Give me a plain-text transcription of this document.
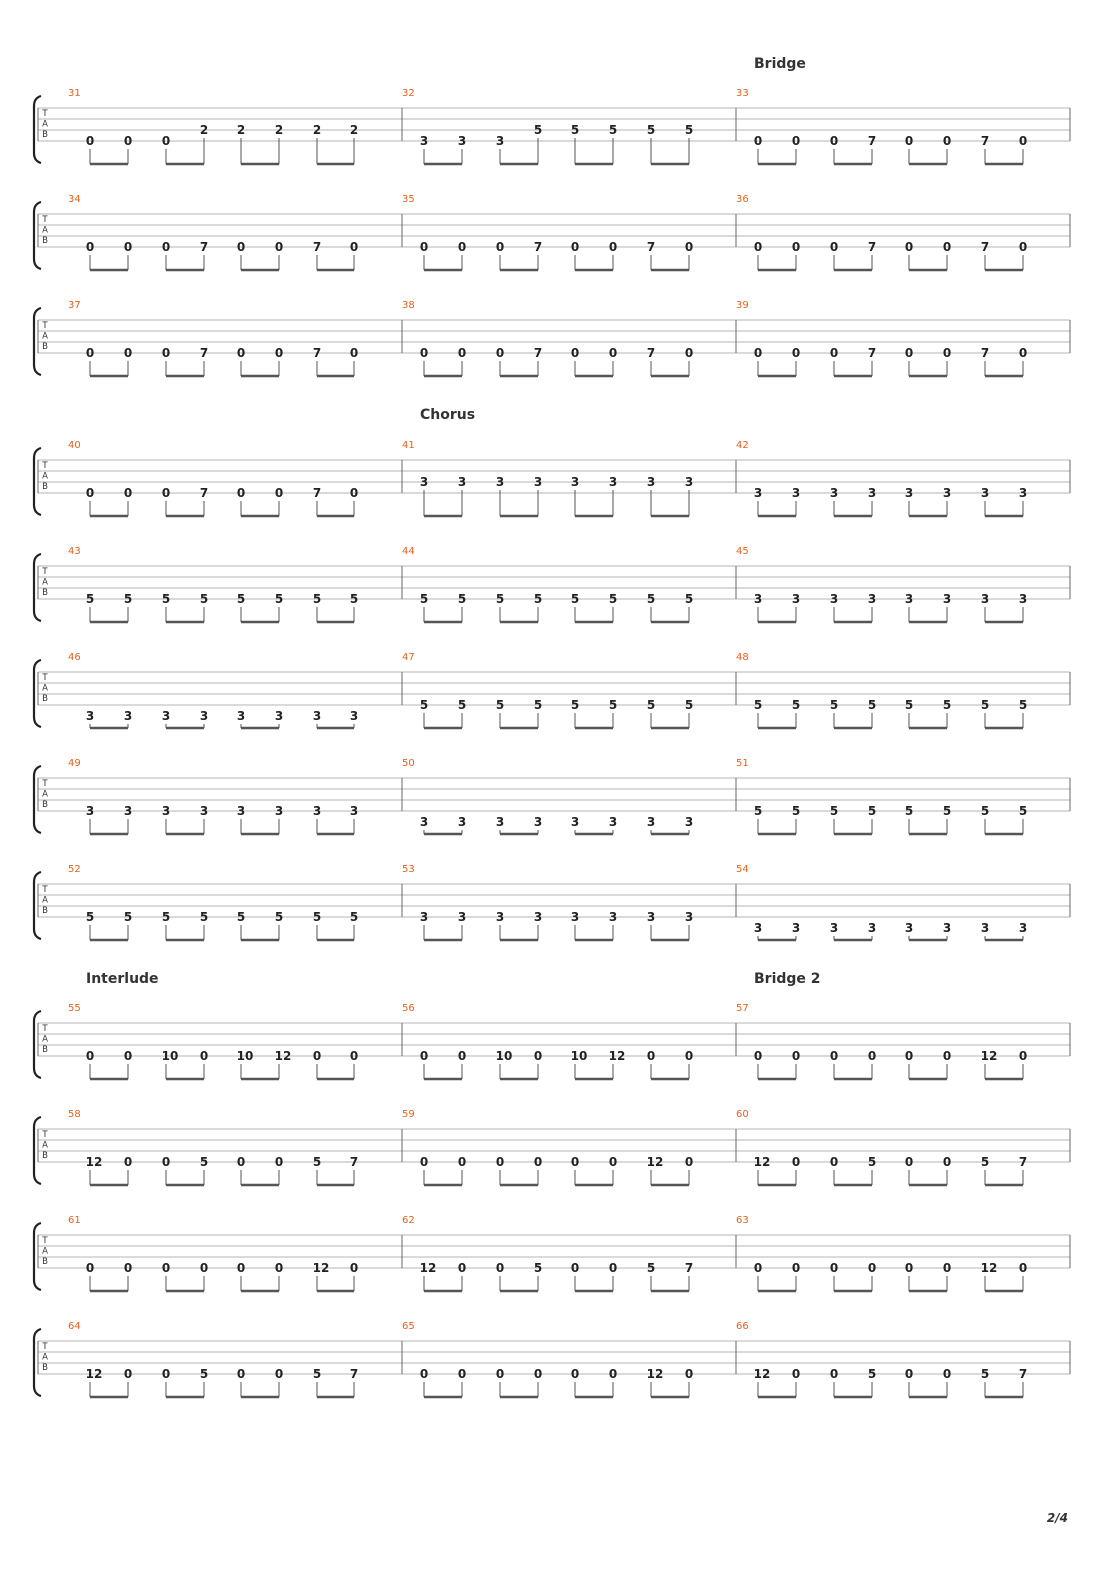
T
A
B
Bridge
31
0 0 0
2 2 2 2 2
32
3 3 3
5 5 5 5 5
33
0 0 0 7 0 0 7 0
T
A
B
34
0 0 0 7 0 0 7 0
35
0 0 0 7 0 0 7 0
36
0 0 0 7 0 0 7 0
T
A
B
37
0 0 0 7 0 0 7 0
38
0 0 0 7 0 0 7 0
39
0 0 0 7 0 0 7 0
T
A
B
Chorus
40
0 0 0 7 0 0 7 0
41
3 3 3 3 3 3 3 3
42
3 3 3 3 3 3 3 3
T
A
B
43
5 5 5 5 5 5 5 5
44
5 5 5 5 5 5 5 5
45
3 3 3 3 3 3 3 3
T
A
B
46
3 3 3 3 3 3 3 3
47
5 5 5 5 5 5 5 5
48
5 5 5 5 5 5 5 5
T
A
B
49
3 3 3 3 3 3 3 3
50
3 3 3 3 3 3 3 3
51
5 5 5 5 5 5 5 5
T
A
B
52
5 5 5 5 5 5 5 5
53
3 3 3 3 3 3 3 3
54
3 3 3 3 3 3 3 3
T
A
B
Interlude	Bridge 2
55
0 0 10 0 10 12 0 0
56
0 0 10 0 10 12 0 0
57
0 0 0 0 0 0 12 0
T
A
B
58
12 0 0 5 0 0 5 7
59
0 0 0 0 0 0 12 0
60
12 0 0 5 0 0 5 7
T
A
B
61
0 0 0 0 0 0 12 0
62
12 0 0 5 0 0 5 7
63
0 0 0 0 0 0 12 0
T
A
B
64
12 0 0 5 0 0 5 7
65
0 0 0 0 0 0 12 0
66
12 0 0 5 0 0 5 7
2/4
